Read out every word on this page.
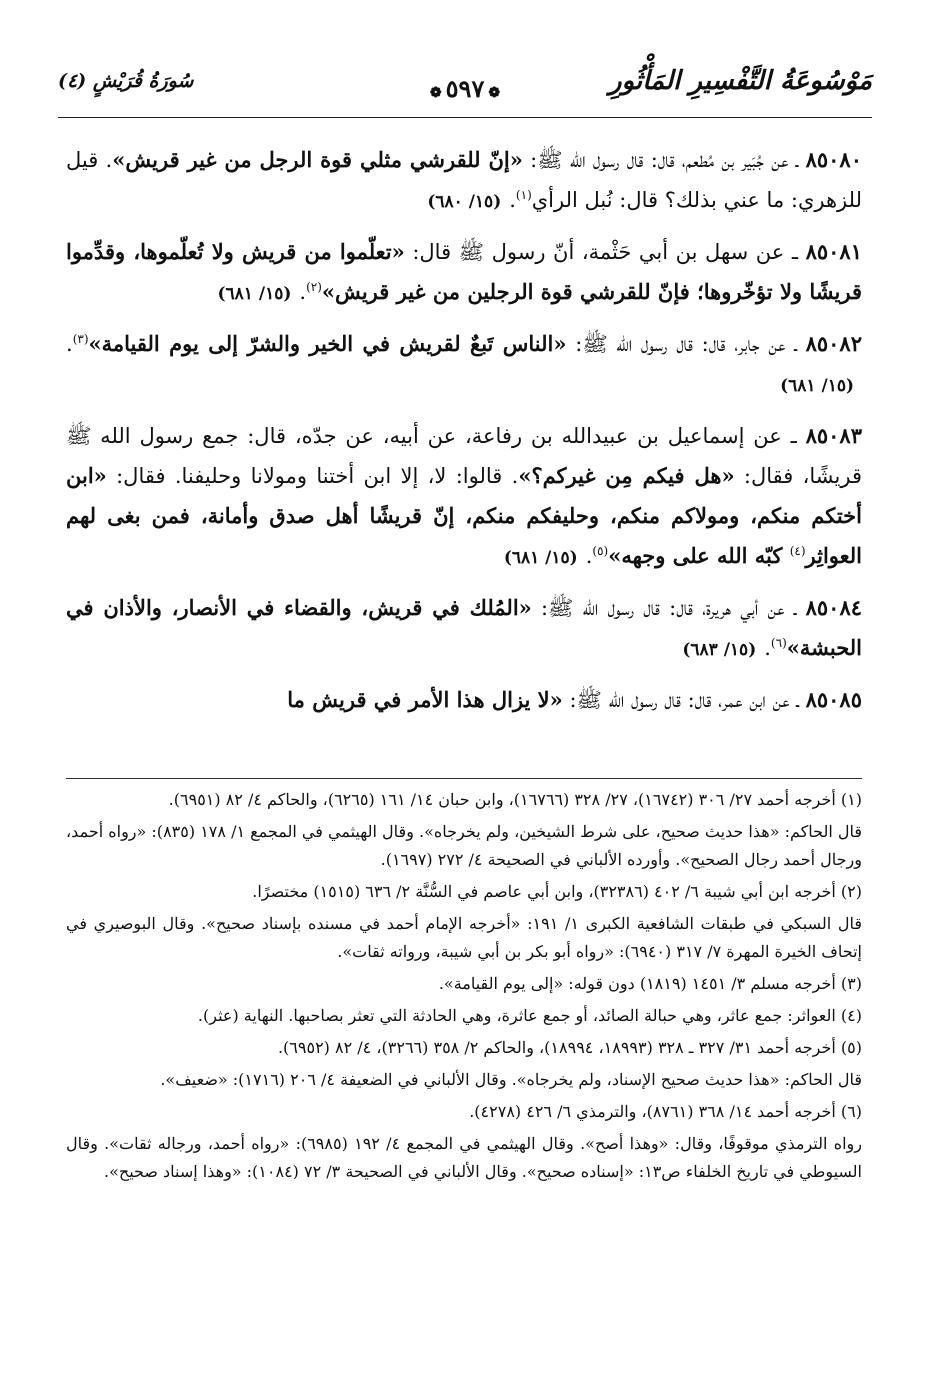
مَوْسُوعَةُ التَّفْسِيرِ المَأْثُورِ
❁٥٩٧❁
سُورَةُ قُرَيْشٍ (٤)

٨٥٠٨٠ ـ عن جُبَير بن مُطعم، قال: قال رسول الله ﷺ: «إنّ للقرشي مثلي قوة الرجل من غير قريش». قيل للزهري: ما عني بذلك؟ قال: نُبل الرأي$^{(١)}$.(١٥/ ٦٨٠)

٨٥٠٨١ ـ عن سهل بن أبي حَثْمة، أنّ رسول ﷺ قال: «تعلّموا من قريش ولا تُعلّموها، وقدِّموا قريشًا ولا تؤخّروها؛ فإنّ للقرشي قوة الرجلين من غير قريش»$^{(٢)}$.(١٥/ ٦٨١)

٨٥٠٨٢ ـ عن جابر، قال: قال رسول الله ﷺ: «الناس تَبعٌ لقريش في الخير والشرّ إلى يوم القيامة»$^{(٣)}$.(١٥/ ٦٨١)

٨٥٠٨٣ ـ عن إسماعيل بن عبيدالله بن رفاعة، عن أبيه، عن جدّه، قال: جمع رسول الله ﷺ قريشًا، فقال: «هل فيكم مِن غيركم؟». قالوا: لا، إلا ابن أختنا ومولانا وحليفنا. فقال: «ابن أختكم منكم، ومولاكم منكم، وحليفكم منكم، إنّ قريشًا أهل صدق وأمانة، فمن بغى لهم العواثِر$^{(٤)}$ كبّه الله على وجهه»$^{(٥)}$.(١٥/ ٦٨١)

٨٥٠٨٤ ـ عن أبي هريرة، قال: قال رسول الله ﷺ: «المُلك في قريش، والقضاء في الأنصار، والأذان في الحبشة»$^{(٦)}$.(١٥/ ٦٨٣)

٨٥٠٨٥ ـ عن ابن عمر، قال: قال رسول الله ﷺ: «لا يزال هذا الأمر في قريش ما

(١) أخرجه أحمد ٢٧/ ٣٠٦ (١٦٧٤٢)، ٢٧/ ٣٢٨ (١٦٧٦٦)، وابن حبان ١٤/ ١٦١ (٦٢٦٥)، والحاكم ٤/ ٨٢ (٦٩٥١).

قال الحاكم: «هذا حديث صحيح، على شرط الشيخين، ولم يخرجاه». وقال الهيثمي في المجمع ١/ ١٧٨ (٨٣٥): «رواه أحمد، ورجال أحمد رجال الصحيح». وأورده الألباني في الصحيحة ٤/ ٢٧٢ (١٦٩٧).

(٢) أخرجه ابن أبي شيبة ٦/ ٤٠٢ (٣٢٣٨٦)، وابن أبي عاصم في السُّنَّة ٢/ ٦٣٦ (١٥١٥) مختصرًا.

قال السبكي في طبقات الشافعية الكبرى ١/ ١٩١: «أخرجه الإمام أحمد في مسنده بإسناد صحيح». وقال البوصيري في إتحاف الخيرة المهرة ٧/ ٣١٧ (٦٩٤٠): «رواه أبو بكر بن أبي شيبة، ورواته ثقات».

(٣) أخرجه مسلم ٣/ ١٤٥١ (١٨١٩) دون قوله: «إلى يوم القيامة».

(٤) العواثر: جمع عاثر، وهي حبالة الصائد، أو جمع عاثرة، وهي الحادثة التي تعثر بصاحبها. النهاية (عثر).

(٥) أخرجه أحمد ٣١/ ٣٢٧ ـ ٣٢٨ (١٨٩٩٣، ١٨٩٩٤)، والحاكم ٢/ ٣٥٨ (٣٢٦٦)، ٤/ ٨٢ (٦٩٥٢).

قال الحاكم: «هذا حديث صحيح الإسناد، ولم يخرجاه». وقال الألباني في الضعيفة ٤/ ٢٠٦ (١٧١٦): «ضعيف».

(٦) أخرجه أحمد ١٤/ ٣٦٨ (٨٧٦١)، والترمذي ٦/ ٤٢٦ (٤٢٧٨).

رواه الترمذي موقوفًا، وقال: «وهذا أصح». وقال الهيثمي في المجمع ٤/ ١٩٢ (٦٩٨٥): «رواه أحمد، ورجاله ثقات». وقال السيوطي في تاريخ الخلفاء ص١٣: «إسناده صحيح». وقال الألباني في الصحيحة ٣/ ٧٢ (١٠٨٤): «وهذا إسناد صحيح».
